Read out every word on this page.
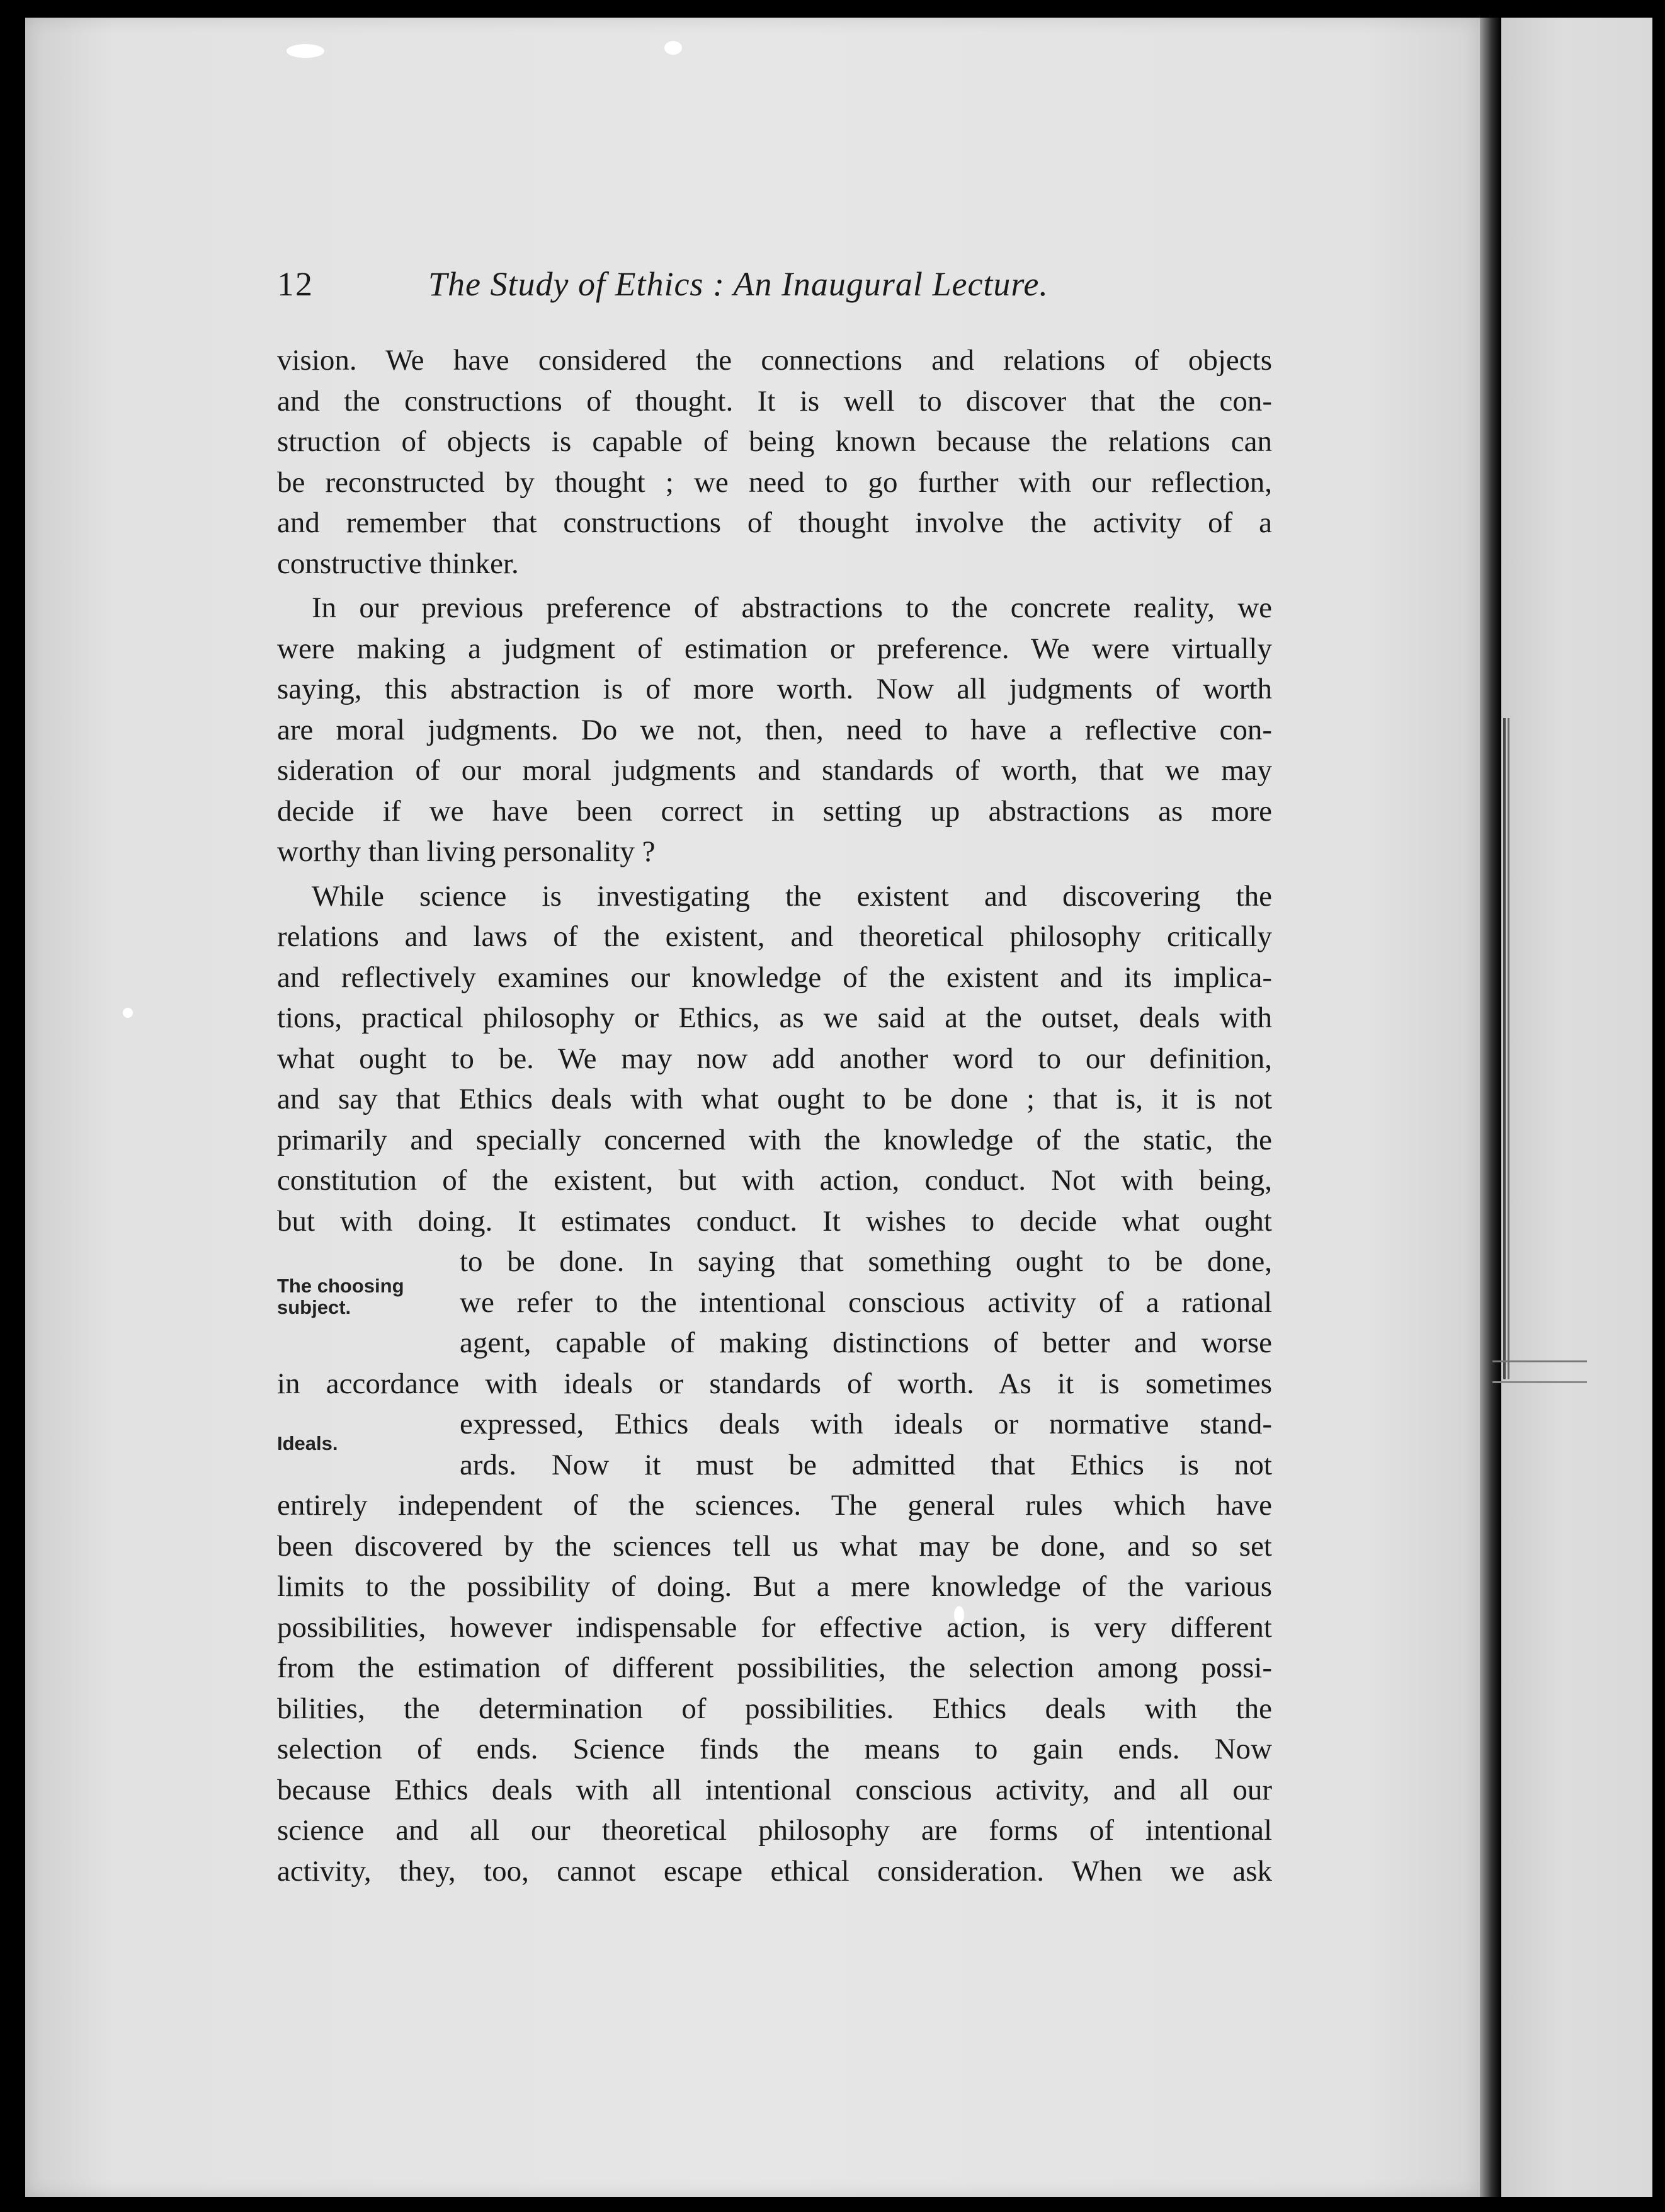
12	The Study of Ethics : An Inaugural Lecture.
vision. We have considered the connections and relations of objects
and the constructions of thought. It is well to discover that the con-
struction of objects is capable of being known because the relations can
be reconstructed by thought ; we need to go further with our reflection,
and remember that constructions of thought involve the activity of a
constructive thinker.
In our previous preference of abstractions to the concrete reality, we
were making a judgment of estimation or preference. We were virtually
saying, this abstraction is of more worth. Now all judgments of worth
are moral judgments. Do we not, then, need to have a reflective con-
sideration of our moral judgments and standards of worth, that we may
decide if we have been correct in setting up abstractions as more
worthy than living personality ?
While science is investigating the existent and discovering the
relations and laws of the existent, and theoretical philosophy critically
and reflectively examines our knowledge of the existent and its implica-
tions, practical philosophy or Ethics, as we said at the outset, deals with
what ought to be. We may now add another word to our definition,
and say that Ethics deals with what ought to be done ; that is, it is not
primarily and specially concerned with the knowledge of the static, the
constitution of the existent, but with action, conduct. Not with being,
but with doing. It estimates conduct. It wishes to decide what ought
to be done. In saying that something ought to be done,
we refer to the intentional conscious activity of a rational
agent, capable of making distinctions of better and worse
in accordance with ideals or standards of worth. As it is sometimes
expressed, Ethics deals with ideals or normative stand-
ards. Now it must be admitted that Ethics is not
entirely independent of the sciences. The general rules which have
been discovered by the sciences tell us what may be done, and so set
limits to the possibility of doing. But a mere knowledge of the various
possibilities, however indispensable for effective action, is very different
from the estimation of different possibilities, the selection among possi-
bilities, the determination of possibilities. Ethics deals with the
selection of ends. Science finds the means to gain ends. Now
because Ethics deals with all intentional conscious activity, and all our
science and all our theoretical philosophy are forms of intentional
activity, they, too, cannot escape ethical consideration. When we ask
The choosing subject.
Ideals.
